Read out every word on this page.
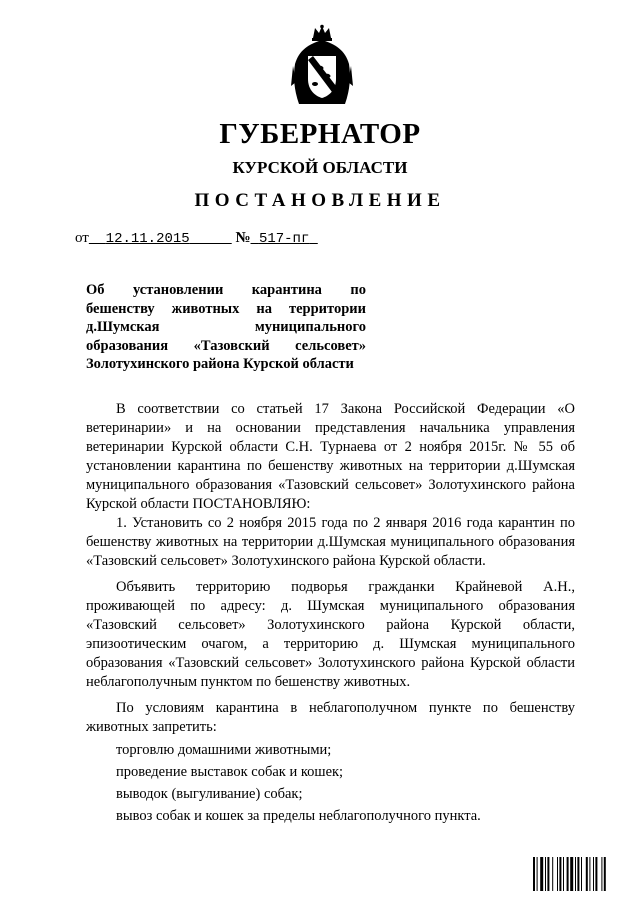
ГУБЕРНАТОР
КУРСКОЙ ОБЛАСТИ
ПОСТАНОВЛЕНИЕ
от 12.11.2015	№ 517-пг
Об установлении карантина по
бешенству животных на территории
д.Шумская муниципального
образования «Тазовский сельсовет»
Золотухинского района Курской области

В соответствии со статьей 17 Закона Российской Федерации «О ветеринарии» и на основании представления начальника управления ветеринарии Курской области С.Н. Турнаева от 2 ноября 2015г. № 55 об установлении карантина по бешенству животных на территории д.Шумская муниципального образования «Тазовский сельсовет» Золотухинского района Курской области ПОСТАНОВЛЯЮ:

1. Установить со 2 ноября 2015 года по 2 января 2016 года карантин по бешенству животных на территории д.Шумская муниципального образования «Тазовский сельсовет» Золотухинского района Курской области.

Объявить территорию подворья гражданки Крайневой А.Н., проживающей по адресу: д. Шумская муниципального образования «Тазовский сельсовет» Золотухинского района Курской области, эпизоотическим очагом, а территорию д. Шумская муниципального образования «Тазовский сельсовет» Золотухинского района Курской области неблагополучным пунктом по бешенству животных.

По условиям карантина в неблагополучном пункте по бешенству животных запретить:

торговлю домашними животными;
проведение выставок собак и кошек;
выводок (выгуливание) собак;
вывоз собак и кошек за пределы неблагополучного пункта.
